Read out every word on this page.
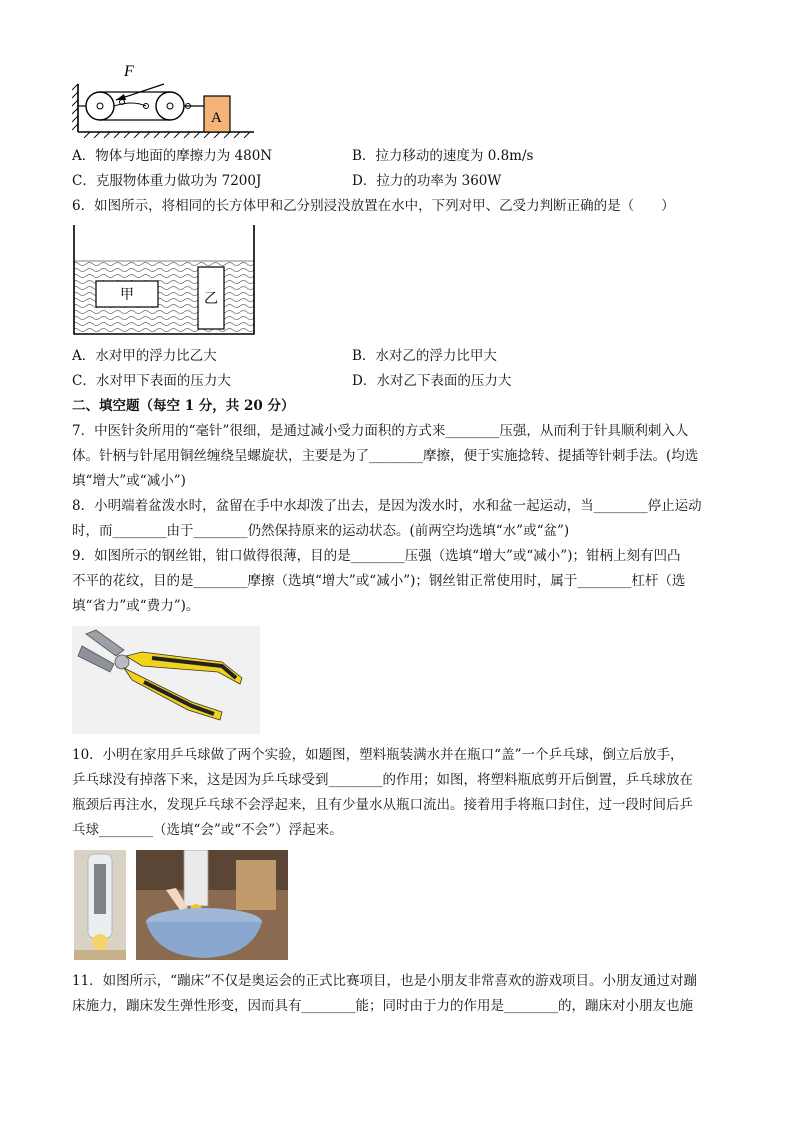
F
A
A．物体与地面的摩擦力为 480N	B．拉力移动的速度为 0.8m/s
C．克服物体重力做功为 7200J	D．拉力的功率为 360W
6．如图所示，将相同的长方体甲和乙分别浸没放置在水中，下列对甲、乙受力判断正确的是（　　）
甲	乙
A．水对甲的浮力比乙大	B．水对乙的浮力比甲大
C．水对甲下表面的压力大	D．水对乙下表面的压力大
二、填空题（每空 1 分，共 20 分）
7．中医针灸所用的“毫针”很细，是通过减小受力面积的方式来________压强，从而利于针具顺利刺入人
体。针柄与针尾用铜丝缠绕呈螺旋状，主要是为了________摩擦，便于实施捻转、提插等针刺手法。(均选
填“增大”或“减小”)
8．小明端着盆泼水时，盆留在手中水却泼了出去，是因为泼水时，水和盆一起运动，当________停止运动
时，而________由于________仍然保持原来的运动状态。(前两空均选填“水”或“盆”)
9．如图所示的钢丝钳，钳口做得很薄，目的是________压强（选填“增大”或“减小”)；钳柄上刻有凹凸
不平的花纹，目的是________摩擦（选填“增大”或“减小”)；钢丝钳正常使用时，属于________杠杆（选
填“省力”或“费力”)。
10．小明在家用乒乓球做了两个实验，如题图，塑料瓶装满水并在瓶口“盖”一个乒乓球，倒立后放手，
乒乓球没有掉落下来，这是因为乒乓球受到________的作用；如图，将塑料瓶底剪开后倒置，乒乓球放在
瓶颈后再注水，发现乒乓球不会浮起来，且有少量水从瓶口流出。接着用手将瓶口封住，过一段时间后乒
乓球________（选填“会”或“不会”）浮起来。
11．如图所示，“蹦床”不仅是奥运会的正式比赛项目，也是小朋友非常喜欢的游戏项目。小朋友通过对蹦
床施力，蹦床发生弹性形变，因而具有________能；同时由于力的作用是________的，蹦床对小朋友也施
